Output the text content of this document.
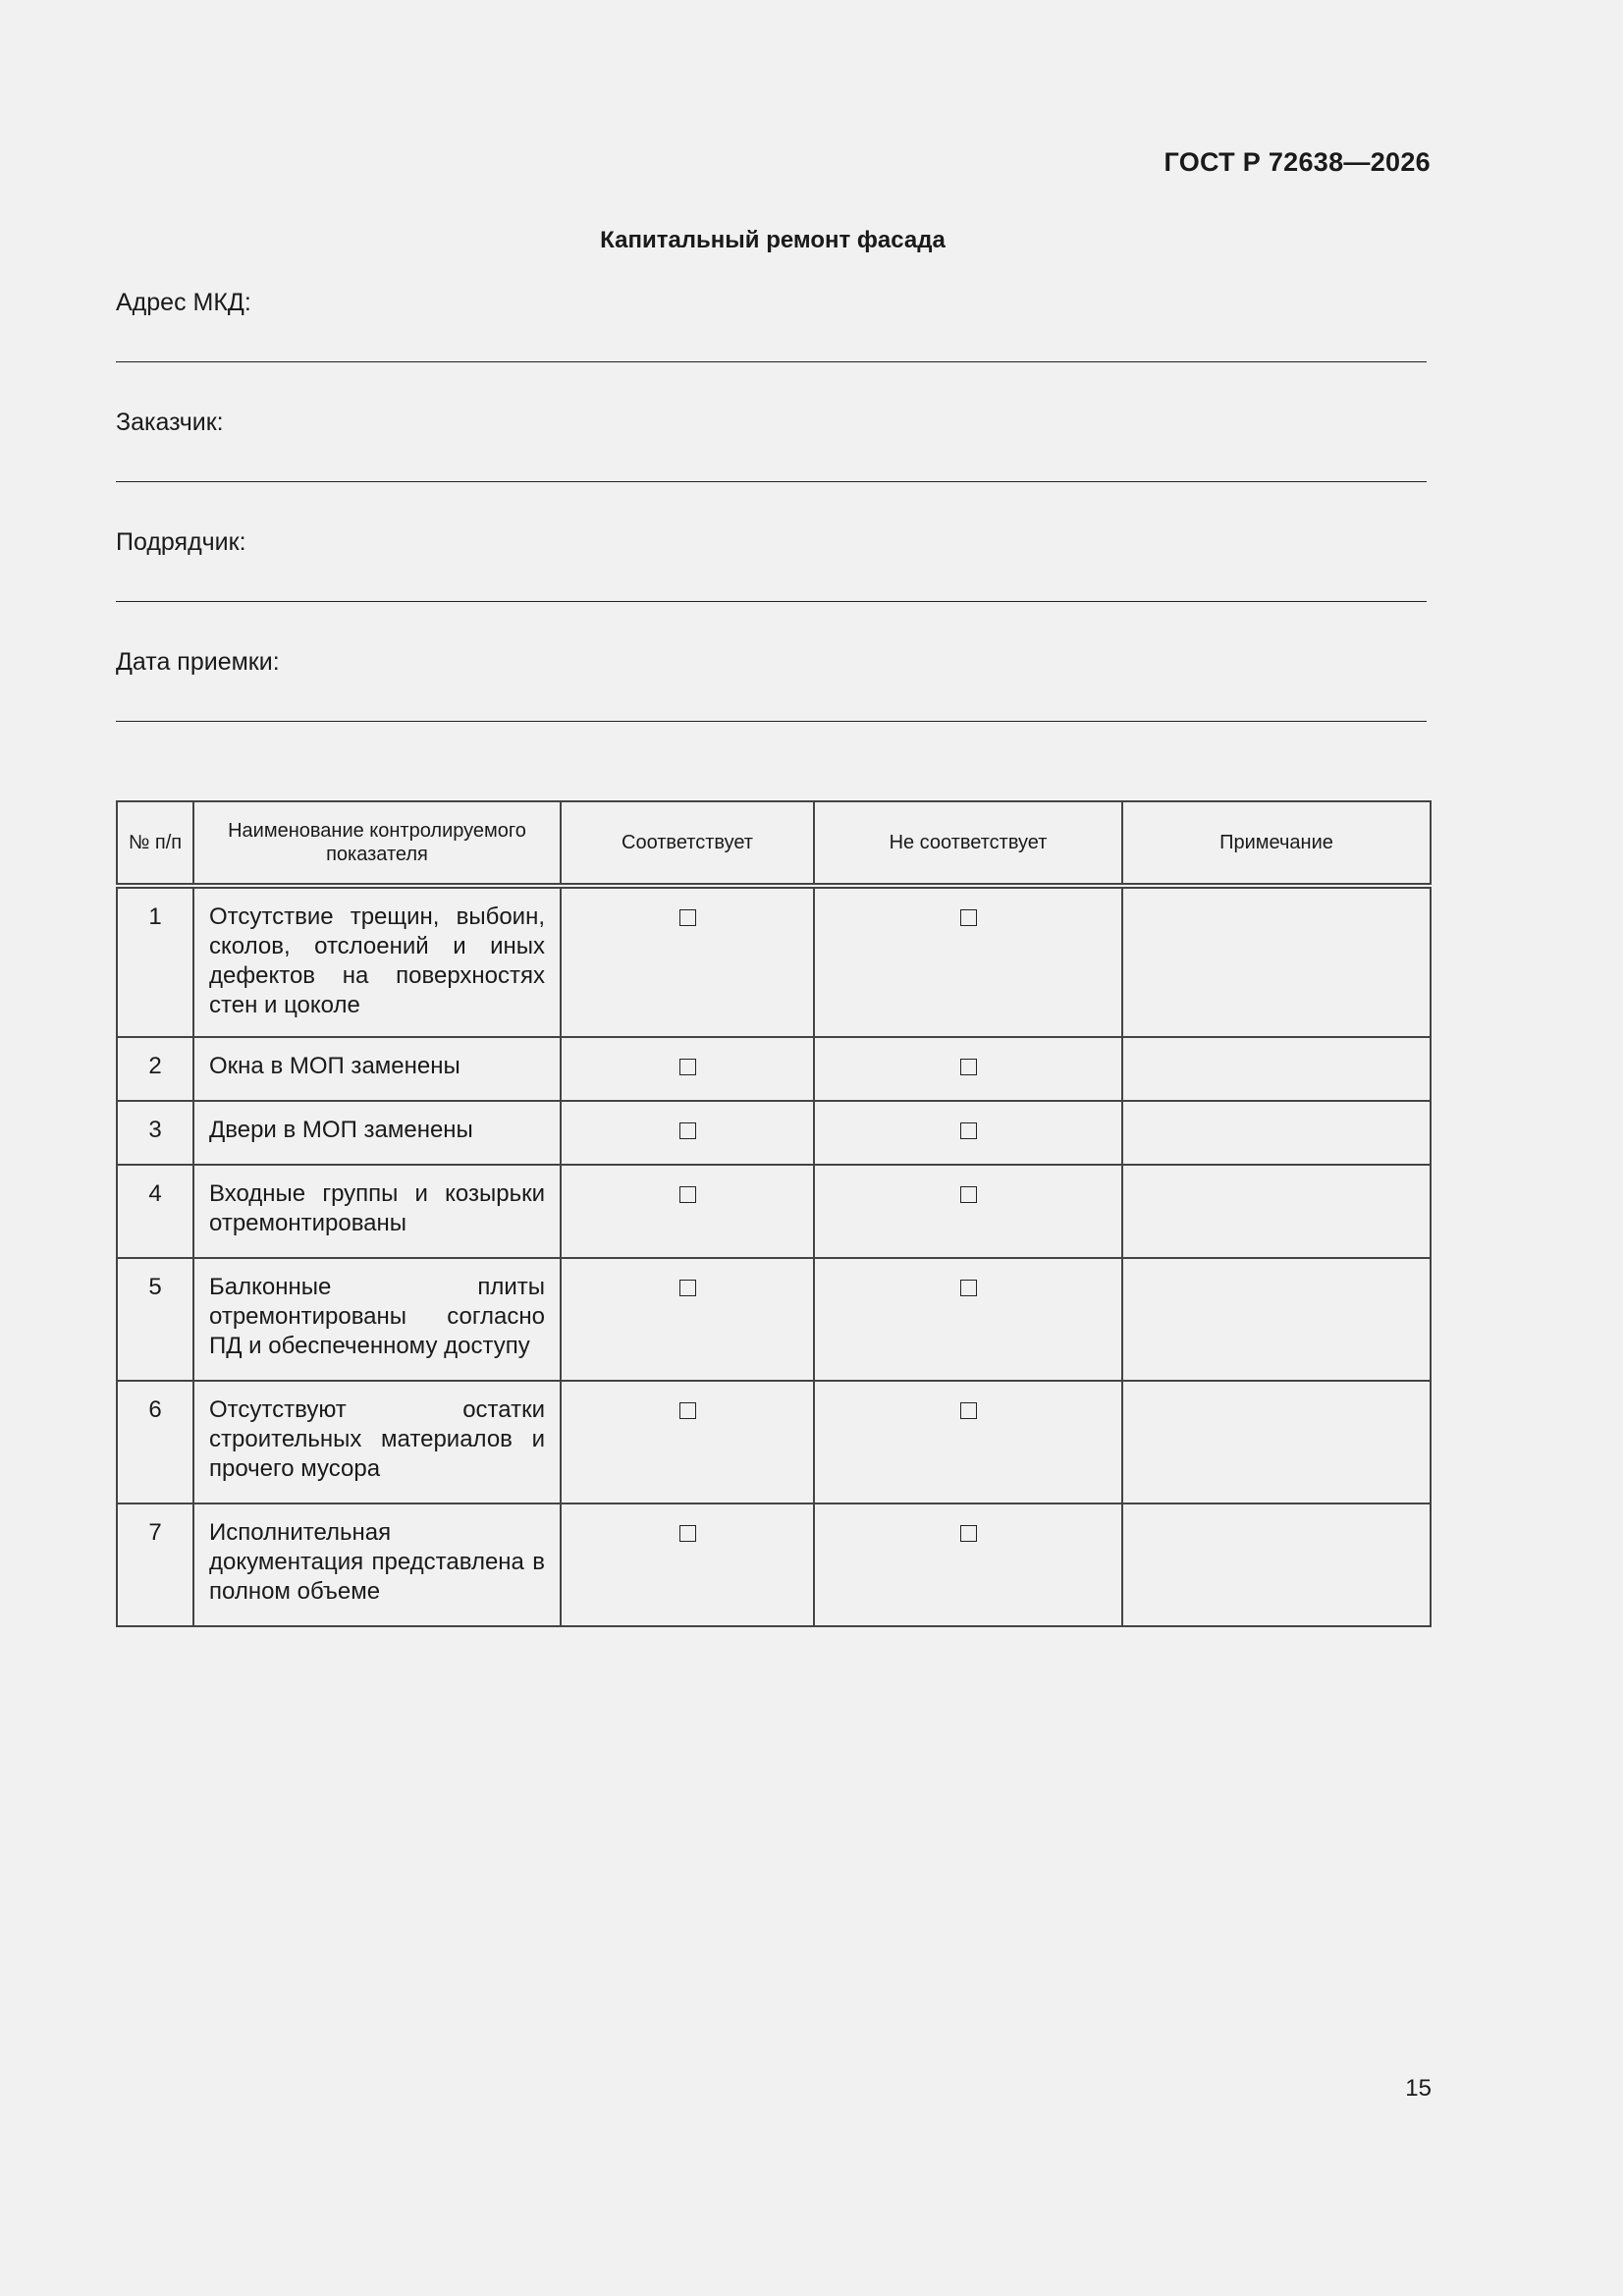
ГОСТ Р 72638—2026
Капитальный ремонт фасада
Адрес МКД:
Заказчик:
Подрядчик:
Дата приемки:
№ п/п	Наименование контролируемого показателя	Соответствует	Не соответствует	Примечание
1	Отсутствие трещин, выбоин, сколов, отслоений и иных дефектов на поверхностях стен и цоколе			
2	Окна в МОП заменены			
3	Двери в МОП заменены			
4	Входные группы и козырьки отремонтированы			
5	Балконные плиты отремонтированы согласно ПД и обеспеченному доступу			
6	Отсутствуют остатки строительных материалов и прочего мусора			
7	Исполнительная документация представлена в полном объеме			
15
